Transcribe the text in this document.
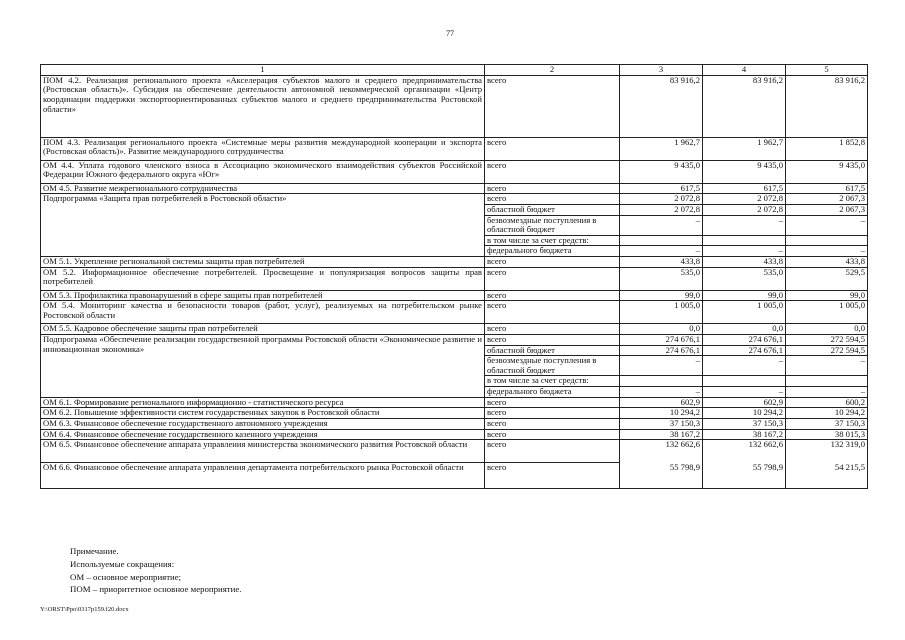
77
1	2	3	4	5
ПОМ 4.2. Реализация регионального проекта «Акселерация субъектов малого и среднего предпринимательства (Ростовская область)». Субсидия на обеспечение деятельности автономной некоммерческой организации «Центр координации поддержки экспортоориентированных субъектов малого и среднего предпринимательства Ростовской области»	всего	83 916,2	83 916,2	83 916,2
ПОМ 4.3. Реализация регионального проекта «Системные меры развития международной кооперации и экспорта (Ростовская область)». Развитие международного сотрудничества	всего	1 962,7	1 962,7	1 852,8
ОМ 4.4. Уплата годового членского взноса в Ассоциацию экономического взаимодействия субъектов Российской Федерации Южного федерального округа «Юг»	всего	9 435,0	9 435,0	9 435,0
ОМ 4.5. Развитие межрегионального сотрудничества	всего	617,5	617,5	617,5
Подпрограмма «Защита прав потребителей в Ростовской области»	всего	2 072,8	2 072,8	2 067,3
	областной бюджет	2 072,8	2 072,8	2 067,3
	безвозмездные поступления в областной бюджет	–	–	–
	в том числе за счет средств:			
	федерального бюджета	–	–	–
ОМ 5.1. Укрепление региональной системы защиты прав потребителей	всего	433,8	433,8	433,8
ОМ 5.2. Информационное обеспечение потребителей. Просвещение и популяризация вопросов защиты прав потребителей	всего	535,0	535,0	529,5
ОМ 5.3. Профилактика правонарушений в сфере защиты прав потребителей	всего	99,0	99,0	99,0
ОМ 5.4. Мониторинг качества и безопасности товаров (работ, услуг), реализуемых на потребительском рынке Ростовской области	всего	1 005,0	1 005,0	1 005,0
ОМ 5.5. Кадровое обеспечение защиты прав потребителей	всего	0,0	0,0	0,0
Подпрограмма «Обеспечение реализации государственной программы Ростовской области «Экономическое развитие и инновационная экономика»	всего	274 676,1	274 676,1	272 594,5
	областной бюджет	274 676,1	274 676,1	272 594,5
	безвозмездные поступления в областной бюджет	–	–	–
	в том числе за счет средств:			
	федерального бюджета	–	–	–
ОМ 6.1. Формирование регионального информационно - статистического ресурса	всего	602,9	602,9	600,2
ОМ 6.2. Повышение эффективности систем государственных закупок в Ростовской области	всего	10 294,2	10 294,2	10 294,2
ОМ 6.3. Финансовое обеспечение государственного автономного учреждения	всего	37 150,3	37 150,3	37 150,3
ОМ 6.4. Финансовое обеспечение государственного казенного учреждения	всего	38 167,2	38 167,2	38 015,3
ОМ 6.5. Финансовое обеспечение аппарата управления министерства экономического развития Ростовской области	всего	132 662,6	132 662,6	132 319,0
ОМ 6.6. Финансовое обеспечение аппарата управления департамента потребительского рынка Ростовской области	всего	55 798,9	55 798,9	54 215,5
Примечание.
Используемые сокращения:
ОМ – основное мероприятие;
ПОМ – приоритетное основное мероприятие.
Y:\ORST\Ppo\0317p159.f20.docx
